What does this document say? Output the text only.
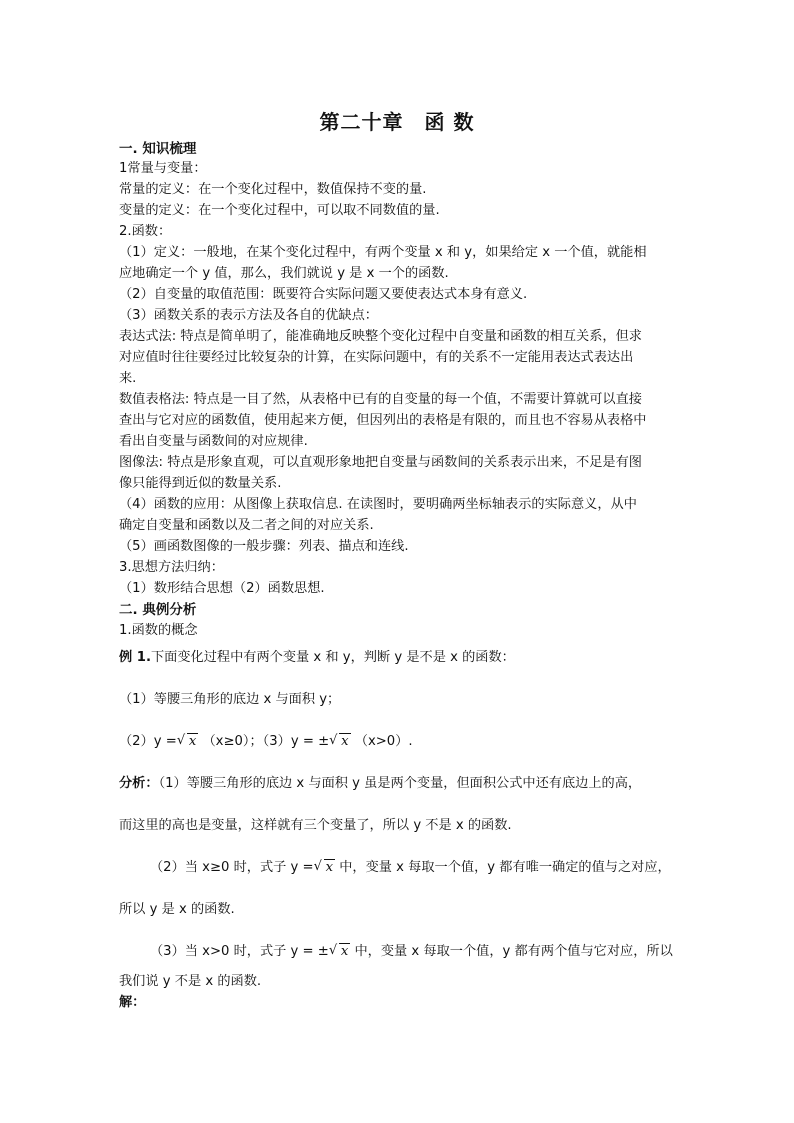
第二十章　函 数
一. 知识梳理
1常量与变量：
常量的定义：在一个变化过程中，数值保持不变的量.
变量的定义：在一个变化过程中，可以取不同数值的量.
2.函数：
（1）定义：一般地，在某个变化过程中，有两个变量 x 和 y，如果给定 x 一个值，就能相
应地确定一个 y 值，那么，我们就说 y 是 x 一个的函数.
（2）自变量的取值范围：既要符合实际问题又要使表达式本身有意义.
（3）函数关系的表示方法及各自的优缺点：
表达式法: 特点是简单明了，能准确地反映整个变化过程中自变量和函数的相互关系，但求
对应值时往往要经过比较复杂的计算，在实际问题中，有的关系不一定能用表达式表达出
来.
数值表格法: 特点是一目了然，从表格中已有的自变量的每一个值，不需要计算就可以直接
查出与它对应的函数值，使用起来方便，但因列出的表格是有限的，而且也不容易从表格中
看出自变量与函数间的对应规律.
图像法: 特点是形象直观，可以直观形象地把自变量与函数间的关系表示出来，不足是有图
像只能得到近似的数量关系.
（4）函数的应用：从图像上获取信息. 在读图时，要明确两坐标轴表示的实际意义，从中
确定自变量和函数以及二者之间的对应关系.
（5）画函数图像的一般步骤：列表、描点和连线.
3.思想方法归纳：
（1）数形结合思想（2）函数思想.
二. 典例分析
1.函数的概念
例 1.下面变化过程中有两个变量 x 和 y，判断 y 是不是 x 的函数：
（1）等腰三角形的底边 x 与面积 y；
（2）y = √ x （x≥0）；（3）y = ± √ x （x>0）.
分析：（1）等腰三角形的底边 x 与面积 y 虽是两个变量，但面积公式中还有底边上的高，
而这里的高也是变量，这样就有三个变量了，所以 y 不是 x 的函数.
（2）当 x≥0 时，式子 y = √ x 中，变量 x 每取一个值，y 都有唯一确定的值与之对应，
所以 y 是 x 的函数.
（3）当 x>0 时，式子 y = ± √ x 中，变量 x 每取一个值，y 都有两个值与它对应，所以
我们说 y 不是 x 的函数.
解：
